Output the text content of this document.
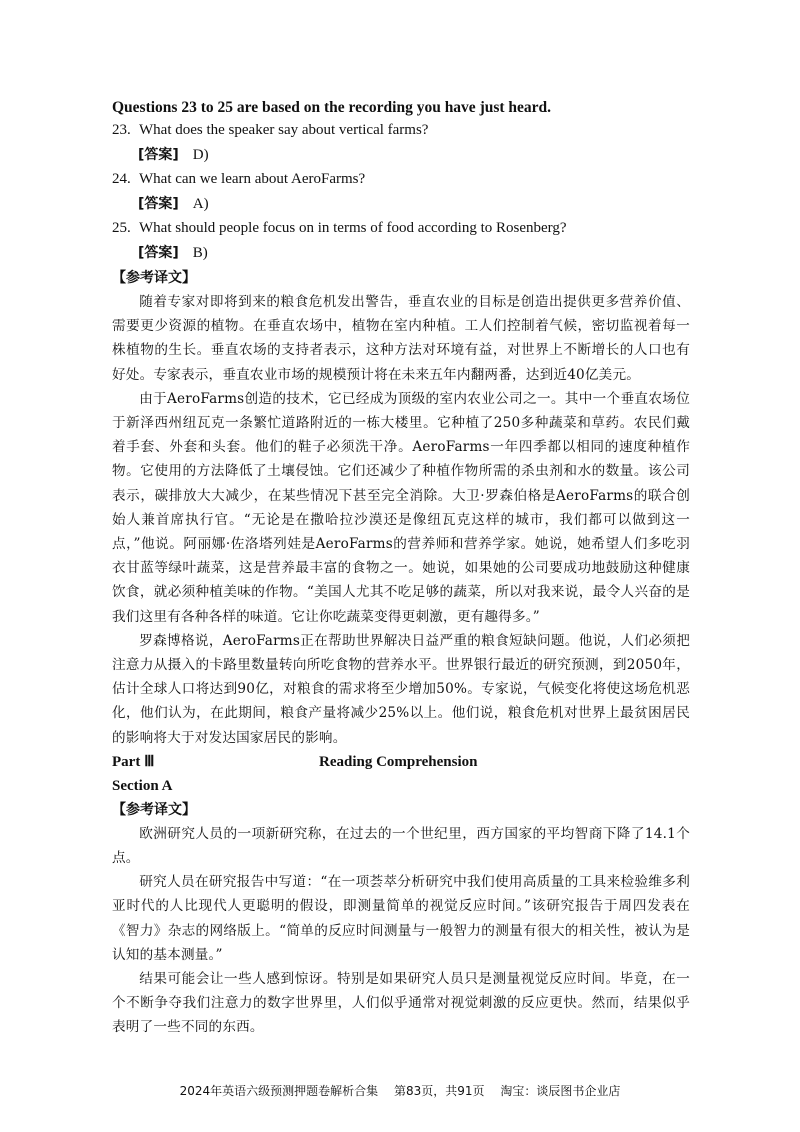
Questions 23 to 25 are based on the recording you have just heard.

23. What does the speaker say about vertical farms?

[答案] D)

24. What can we learn about AeroFarms?

[答案] A)

25. What should people focus on in terms of food according to Rosenberg?

[答案] B)

【参考译文】

随着专家对即将到来的粮食危机发出警告，垂直农业的目标是创造出提供更多营养价值、需要更少资源的植物。在垂直农场中，植物在室内种植。工人们控制着气候，密切监视着每一株植物的生长。垂直农场的支持者表示，这种方法对环境有益，对世界上不断增长的人口也有好处。专家表示，垂直农业市场的规模预计将在未来五年内翻两番，达到近40亿美元。

由于AeroFarms创造的技术，它已经成为顶级的室内农业公司之一。其中一个垂直农场位于新泽西州纽瓦克一条繁忙道路附近的一栋大楼里。它种植了250多种蔬菜和草药。农民们戴着手套、外套和头套。他们的鞋子必须洗干净。AeroFarms一年四季都以相同的速度种植作物。它使用的方法降低了土壤侵蚀。它们还减少了种植作物所需的杀虫剂和水的数量。该公司表示，碳排放大大减少，在某些情况下甚至完全消除。大卫·罗森伯格是AeroFarms的联合创始人兼首席执行官。“无论是在撒哈拉沙漠还是像纽瓦克这样的城市，我们都可以做到这一点，”他说。阿丽娜·佐洛塔列娃是AeroFarms的营养师和营养学家。她说，她希望人们多吃羽衣甘蓝等绿叶蔬菜，这是营养最丰富的食物之一。她说，如果她的公司要成功地鼓励这种健康饮食，就必须种植美味的作物。“美国人尤其不吃足够的蔬菜，所以对我来说，最令人兴奋的是我们这里有各种各样的味道。它让你吃蔬菜变得更刺激，更有趣得多。”

罗森博格说，AeroFarms正在帮助世界解决日益严重的粮食短缺问题。他说，人们必须把注意力从摄入的卡路里数量转向所吃食物的营养水平。世界银行最近的研究预测，到2050年，估计全球人口将达到90亿，对粮食的需求将至少增加50%。专家说，气候变化将使这场危机恶化，他们认为，在此期间，粮食产量将减少25%以上。他们说，粮食危机对世界上最贫困居民的影响将大于对发达国家居民的影响。

Part Ⅲ	Reading Comprehension

Section A

【参考译文】

欧洲研究人员的一项新研究称，在过去的一个世纪里，西方国家的平均智商下降了14.1个点。

研究人员在研究报告中写道：“在一项荟萃分析研究中我们使用高质量的工具来检验维多利亚时代的人比现代人更聪明的假设，即测量简单的视觉反应时间。”该研究报告于周四发表在《智力》杂志的网络版上。“简单的反应时间测量与一般智力的测量有很大的相关性，被认为是认知的基本测量。”

结果可能会让一些人感到惊讶。特别是如果研究人员只是测量视觉反应时间。毕竟，在一个不断争夺我们注意力的数字世界里，人们似乎通常对视觉刺激的反应更快。然而，结果似乎表明了一些不同的东西。

2024年英语六级预测押题卷解析合集 第83页，共91页 淘宝：谈辰图书企业店
